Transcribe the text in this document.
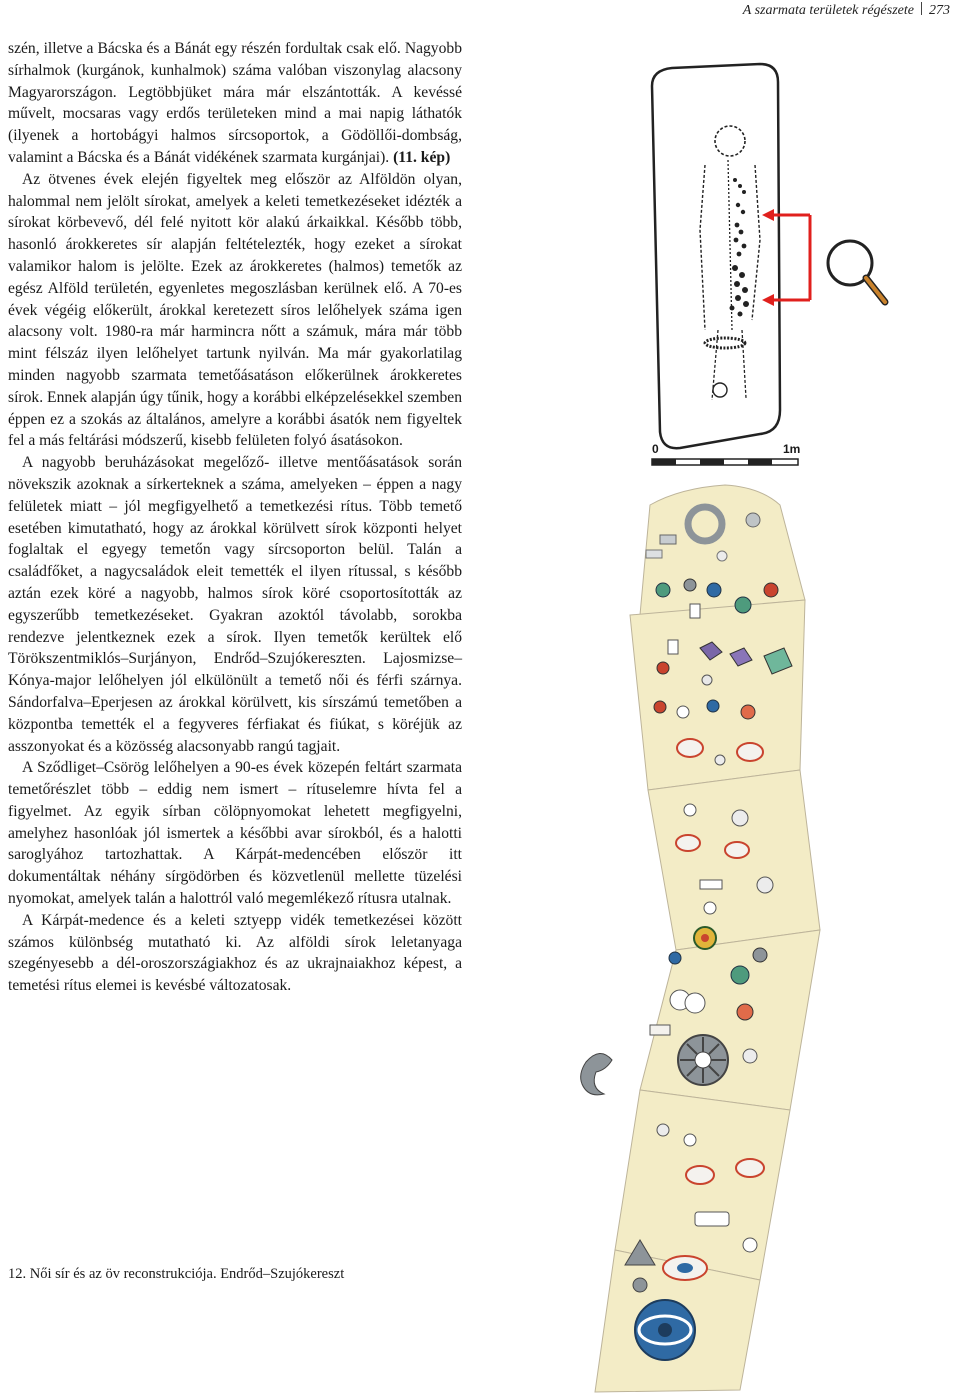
A szarmata területek régészete 273

szén, illetve a Bácska és a Bánát egy részén fordultak csak elő. Nagyobb sírhalmok (kurgánok, kunhalmok) száma valóban viszonylag alacsony Magyarországon. Legtöbbjüket mára már elszántották. A kevéssé művelt, mocsaras vagy erdős területeken mind a mai napig láthatók (ilyenek a hortobágyi halmos sírcsoportok, a Gödöllői-dombság, valamint a Bácska és a Bánát vidékének szarmata kurgánjai). (11. kép)

Az ötvenes évek elején figyeltek meg először az Alföldön olyan, halommal nem jelölt sírokat, amelyek a keleti temetkezéseket idézték a sírokat körbevevő, dél felé nyitott kör alakú árkaikkal. Később több, hasonló árokkeretes sír alapján feltételezték, hogy ezeket a sírokat valamikor halom is jelölte. Ezek az árokkeretes (halmos) temetők az egész Alföld területén, egyenletes megoszlásban kerülnek elő. A 70-es évek végéig előkerült, árokkal keretezett síros lelőhelyek száma igen alacsony volt. 1980-ra már harmincra nőtt a számuk, mára már több mint félszáz ilyen lelőhelyet tartunk nyilván. Ma már gyakorlatilag minden nagyobb szarmata temetőásatáson előkerülnek árokkeretes sírok. Ennek alapján úgy tűnik, hogy a korábbi elképzelésekkel szemben éppen ez a szokás az általános, amelyre a korábbi ásatók nem figyeltek fel a más feltárási módszerű, kisebb felületen folyó ásatásokon.

A nagyobb beruházásokat megelőző- illetve mentőásatások során növekszik azoknak a sírkerteknek a száma, amelyeken – éppen a nagy felületek miatt – jól megfigyelhető a temetkezési rítus. Több temető esetében kimutatható, hogy az árokkal körülvett sírok központi helyet foglaltak el egyegy temetőn vagy sírcsoporton belül. Talán a családfőket, a nagycsaládok eleit temették el ilyen rítussal, s később aztán ezek köré a nagyobb, halmos sírok köré csoportosították az egyszerűbb temetkezéseket. Gyakran azoktól távolabb, sorokba rendezve jelentkeznek ezek a sírok. Ilyen temetők kerültek elő Törökszentmiklós–Surjányon, Endrőd–Szujókereszten. Lajosmizse–Kónya-major lelőhelyen jól elkülönült a temető női és férfi szárnya. Sándorfalva–Eperjesen az árokkal körülvett, kis sírszámú temetőben a központba temették el a fegyveres férfiakat és fiúkat, s köréjük az asszonyokat és a közösség alacsonyabb rangú tagjait.

A Sződliget–Csörög lelőhelyen a 90-es évek közepén feltárt szarmata temetőrészlet több – eddig nem ismert – rítuselemre hívta fel a figyelmet. Az egyik sírban cölöpnyomokat lehetett megfigyelni, amelyhez hasonlóak jól ismertek a későbbi avar sírokból, és a halotti saroglyához tartozhattak. A Kárpát-medencében először itt dokumentáltak néhány sírgödörben és közvetlenül mellette tüzelési nyomokat, amelyek talán a halottról való megemlékező rítusra utalnak.

A Kárpát-medence és a keleti sztyepp vidék temetkezései között számos különbség mutatható ki. Az alföldi sírok leletanyaga szegényesebb a dél-oroszországiakhoz és az ukrajnaiakhoz képest, a temetési rítus elemei is kevésbé változatosak.

0	1m
12. Női sír és az öv reconstrukciója. Endrőd–Szujókereszt
